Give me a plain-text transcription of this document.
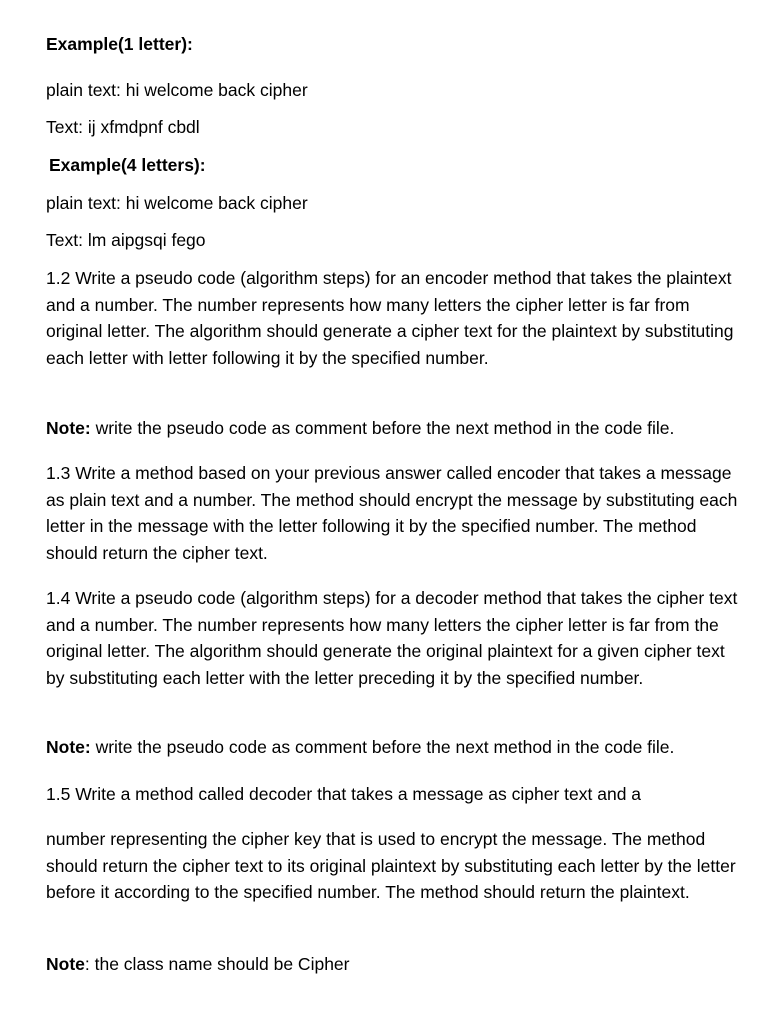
Example(1 letter):

plain text: hi welcome back cipher

Text: ij xfmdpnf cbdl

Example(4 letters):

plain text: hi welcome back cipher

Text: lm aipgsqi fego

1.2 Write a pseudo code (algorithm steps) for an encoder method that takes the plaintext and a number. The number represents how many letters the cipher letter is far from original letter. The algorithm should generate a cipher text for the plaintext by substituting each letter with letter following it by the specified number.

Note: write the pseudo code as comment before the next method in the code file.

1.3 Write a method based on your previous answer called encoder that takes a message as plain text and a number. The method should encrypt the message by substituting each letter in the message with the letter following it by the specified number. The method should return the cipher text.

1.4 Write a pseudo code (algorithm steps) for a decoder method that takes the cipher text and a number. The number represents how many letters the cipher letter is far from the original letter. The algorithm should generate the original plaintext for a given cipher text by substituting each letter with the letter preceding it by the specified number.

Note: write the pseudo code as comment before the next method in the code file.

1.5 Write a method called decoder that takes a message as cipher text and a

number representing the cipher key that is used to encrypt the message. The method should return the cipher text to its original plaintext by substituting each letter by the letter before it according to the specified number. The method should return the plaintext.

Note: the class name should be Cipher
